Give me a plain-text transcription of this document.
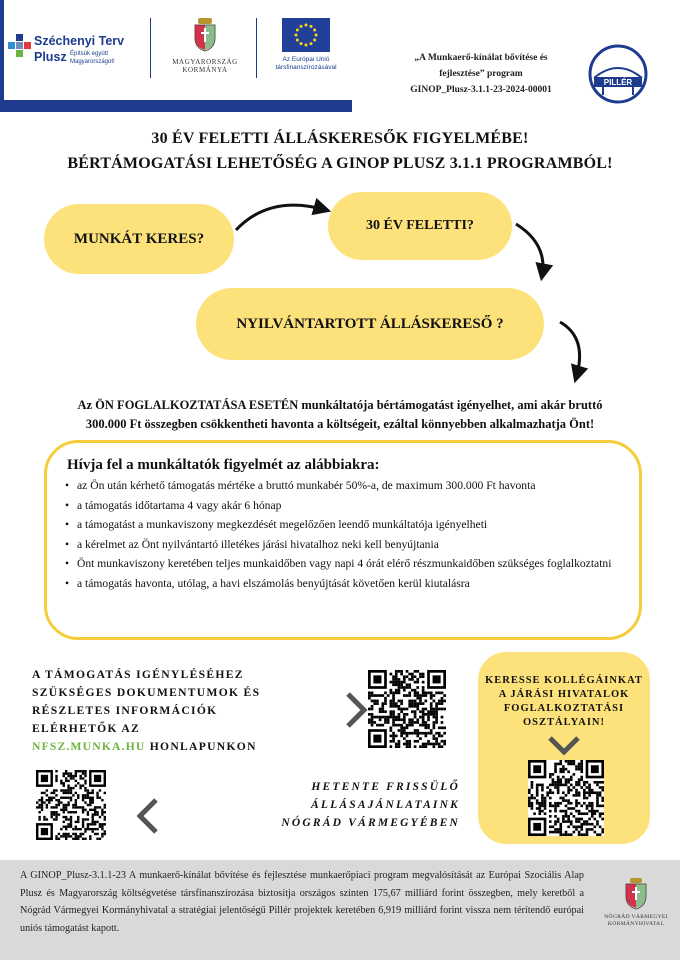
Széchenyi Terv
Plusz Építsük együtt Magyarországot!	MAGYARORSZÁG KORMÁNYA
Az Európai Unió társfinanszírozásával
„A Munkaerő-kínálat bővítése és
fejlesztése” program
GINOP_Plusz-3.1.1-23-2024-00001
PILLÉR
30 ÉV FELETTI ÁLLÁSKERESŐK FIGYELMÉBE!
BÉRTÁMOGATÁSI LEHETŐSÉG A GINOP PLUSZ 3.1.1 PROGRAMBÓL!
MUNKÁT KERES?
30 ÉV FELETTI?
NYILVÁNTARTOTT ÁLLÁSKERESŐ ?
Az ÖN FOGLALKOZTATÁSA ESETÉN munkáltatója bértámogatást igényelhet, ami akár bruttó
300.000 Ft összegben csökkentheti havonta a költségeit, ezáltal könnyebben alkalmazhatja Önt!
Hívja fel a munkáltatók figyelmét az alábbiakra:
• az Ön után kérhető támogatás mértéke a bruttó munkabér 50%-a, de maximum 300.000 Ft havonta
• a támogatás időtartama 4 vagy akár 6 hónap
• a támogatást a munkaviszony megkezdését megelőzően leendő munkáltatója igényelheti
• a kérelmet az Önt nyilvántartó illetékes járási hivatalhoz neki kell benyújtania
• Önt munkaviszony keretében teljes munkaidőben vagy napi 4 órát elérő részmunkaidőben szükséges foglalkoztatni
• a támogatás havonta, utólag, a havi elszámolás benyújtását követően kerül kiutalásra
A TÁMOGATÁS IGÉNYLÉSÉHEZ
SZÜKSÉGES DOKUMENTUMOK ÉS
RÉSZLETES INFORMÁCIÓK
ELÉRHETŐK AZ
NFSZ.MUNKA.HU HONLAPUNKON
KERESSE KOLLÉGÁINKAT
A JÁRÁSI HIVATALOK
FOGLALKOZTATÁSI
OSZTÁLYAIN!
HETENTE FRISSÜLŐ
ÁLLÁSAJÁNLATAINK
NÓGRÁD VÁRMEGYÉBEN
A GINOP_Plusz-3.1.1-23 A munkaerő-kínálat bővítése és fejlesztése munkaerőpiaci program megvalósítását az Európai Szociális Alap Plusz és Magyarország költségvetése társfinanszírozása biztosítja országos szinten 175,67 milliárd forint összegben, mely keretből a Nógrád Vármegyei Kormányhivatal a stratégiai jelentőségű Pillér projektek keretében 6,919 milliárd forint vissza nem térítendő európai uniós támogatást kapott.
NÓGRÁD VÁRMEGYEI KORMÁNYHIVATAL
